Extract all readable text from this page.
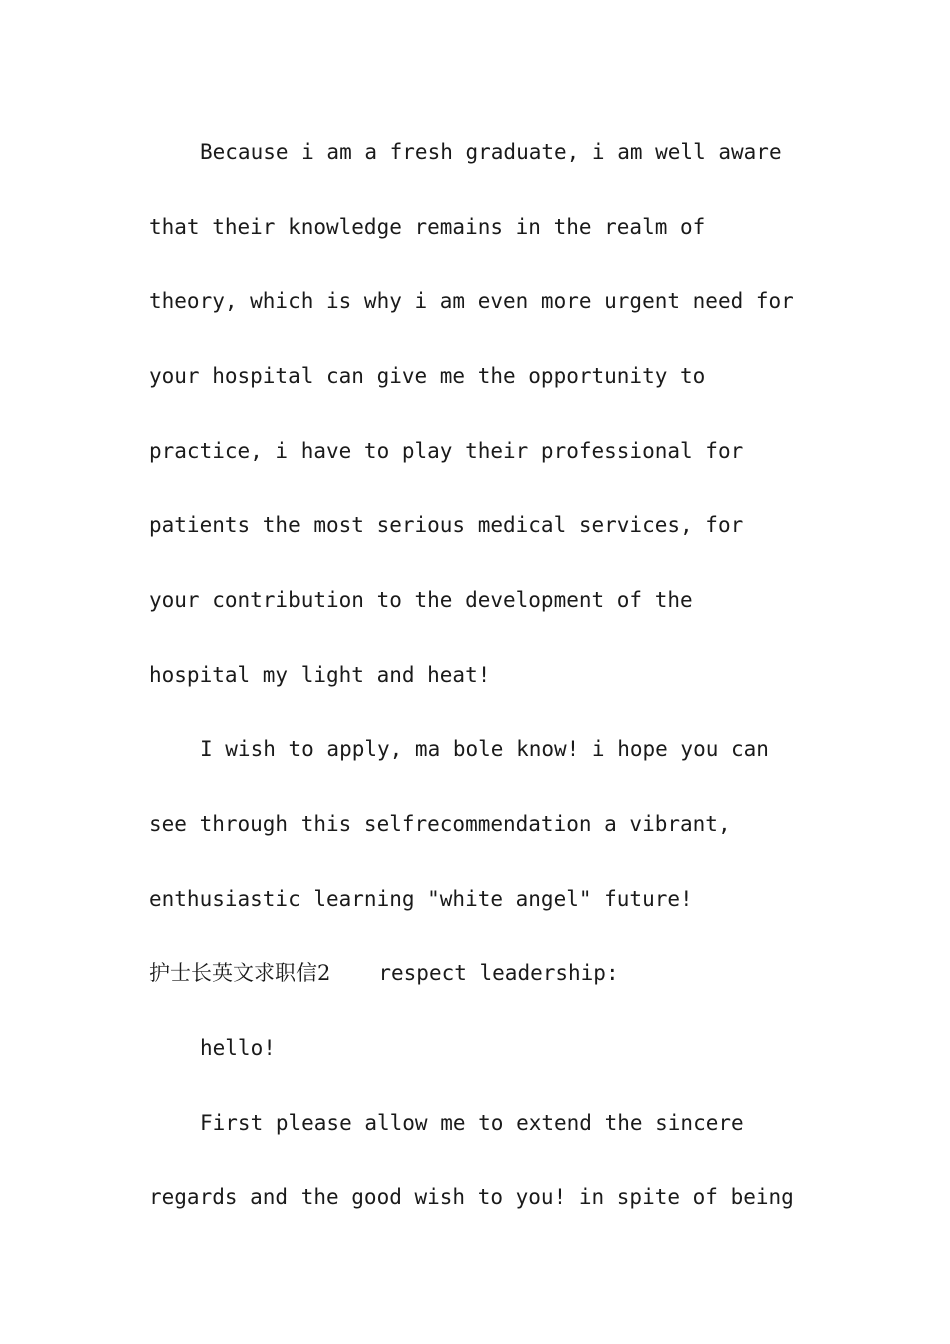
Because i am a fresh graduate, i am well aware
that their knowledge remains in the realm of
theory, which is why i am even more urgent need for
your hospital can give me the opportunity to
practice, i have to play their professional for
patients the most serious medical services, for
your contribution to the development of the
hospital my light and heat!
I wish to apply, ma bole know! i hope you can
see through this selfrecommendation a vibrant,
enthusiastic learning "white angel" future!
护士长英文求职信2 respect leadership:
hello!
First please allow me to extend the sincere
regards and the good wish to you! in spite of being
